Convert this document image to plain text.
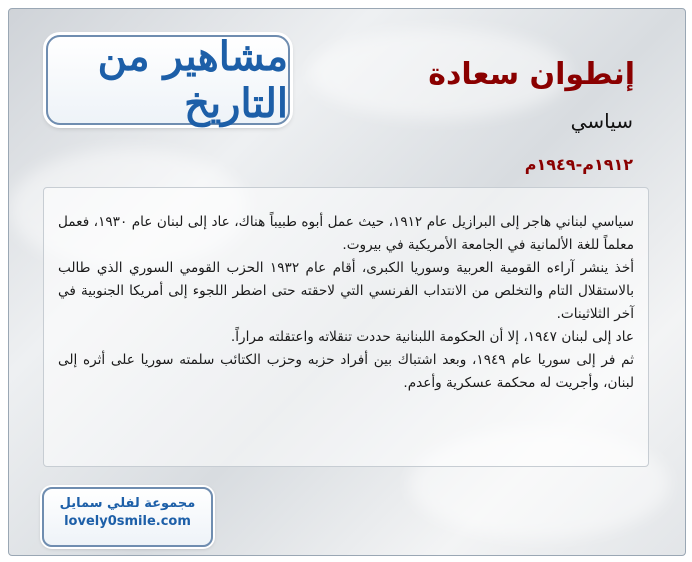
مشاهير من التاريخ
إنطوان سعادة
سياسي
١٩١٢م-١٩٤٩م

سياسي لبناني هاجر إلى البرازيل عام ١٩١٢، حيث عمل أبوه طبيباً هناك، عاد إلى لبنان عام ١٩٣٠، فعمل معلماً للغة الألمانية في الجامعة الأمريكية في بيروت.

أخذ ينشر آراءه القومية العربية وسوريا الكبرى، أقام عام ١٩٣٢ الحزب القومي السوري الذي طالب بالاستقلال التام والتخلص من الانتداب الفرنسي التي لاحقته حتى اضطر اللجوء إلى أمريكا الجنوبية في آخر الثلاثينات.

عاد إلى لبنان ١٩٤٧، إلا أن الحكومة اللبنانية حددت تنقلاته واعتقلته مراراً.

ثم فر إلى سوريا عام ١٩٤٩، وبعد اشتباك بين أفراد حزبه وحزب الكتائب سلمته سوريا على أثره إلى لبنان، وأجريت له محكمة عسكرية وأعدم.

مجموعة لفلي سمايل
lovely0smile.com
